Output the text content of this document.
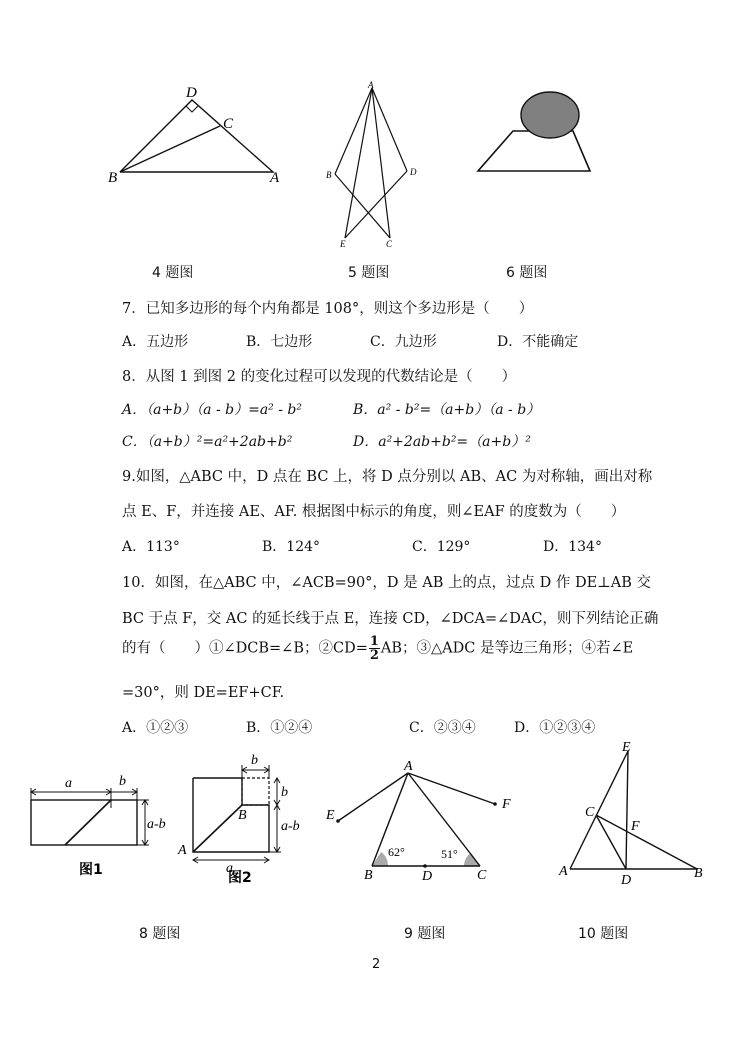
D
C
B	A
A
B	D
E	C
4 题图	5 题图	6 题图
7．已知多边形的每个内角都是 108°，则这个多边形是（　　）
A．五边形	B．七边形	C．九边形	D．不能确定
8．从图 1 到图 2 的变化过程可以发现的代数结论是（　　）
A．（a+b）（a - b）=a² - b²	B．a² - b²=（a+b）（a - b）
C．（a+b）²=a²+2ab+b²	D．a²+2ab+b²=（a+b）²
9.如图，△ABC 中，D 点在 BC 上，将 D 点分别以 AB、AC 为对称轴，画出对称
点 E、F，并连接 AE、AF. 根据图中标示的角度，则∠EAF 的度数为（　　）
A．113°	B．124°	C．129°	D．134°
10．如图，在△ABC 中，∠ACB=90°，D 是 AB 上的点，过点 D 作 DE⊥AB 交
BC 于点 F，交 AC 的延长线于点 E，连接 CD，∠DCA=∠DAC，则下列结论正确
的有（　　）①∠DCB=∠B；②CD= $\frac{1}{2}$ AB；③△ADC 是等边三角形；④若∠E
=30°，则 DE=EF+CF.
A．①②③	B．①②④	C．②③④	D．①②③④
a	b
a-b
图1
b
b
B
A
a-b
a
图2
A
E
F
B	D	C
62°	51°
E
C
F
A
D	B
8 题图	9 题图	10 题图
2
